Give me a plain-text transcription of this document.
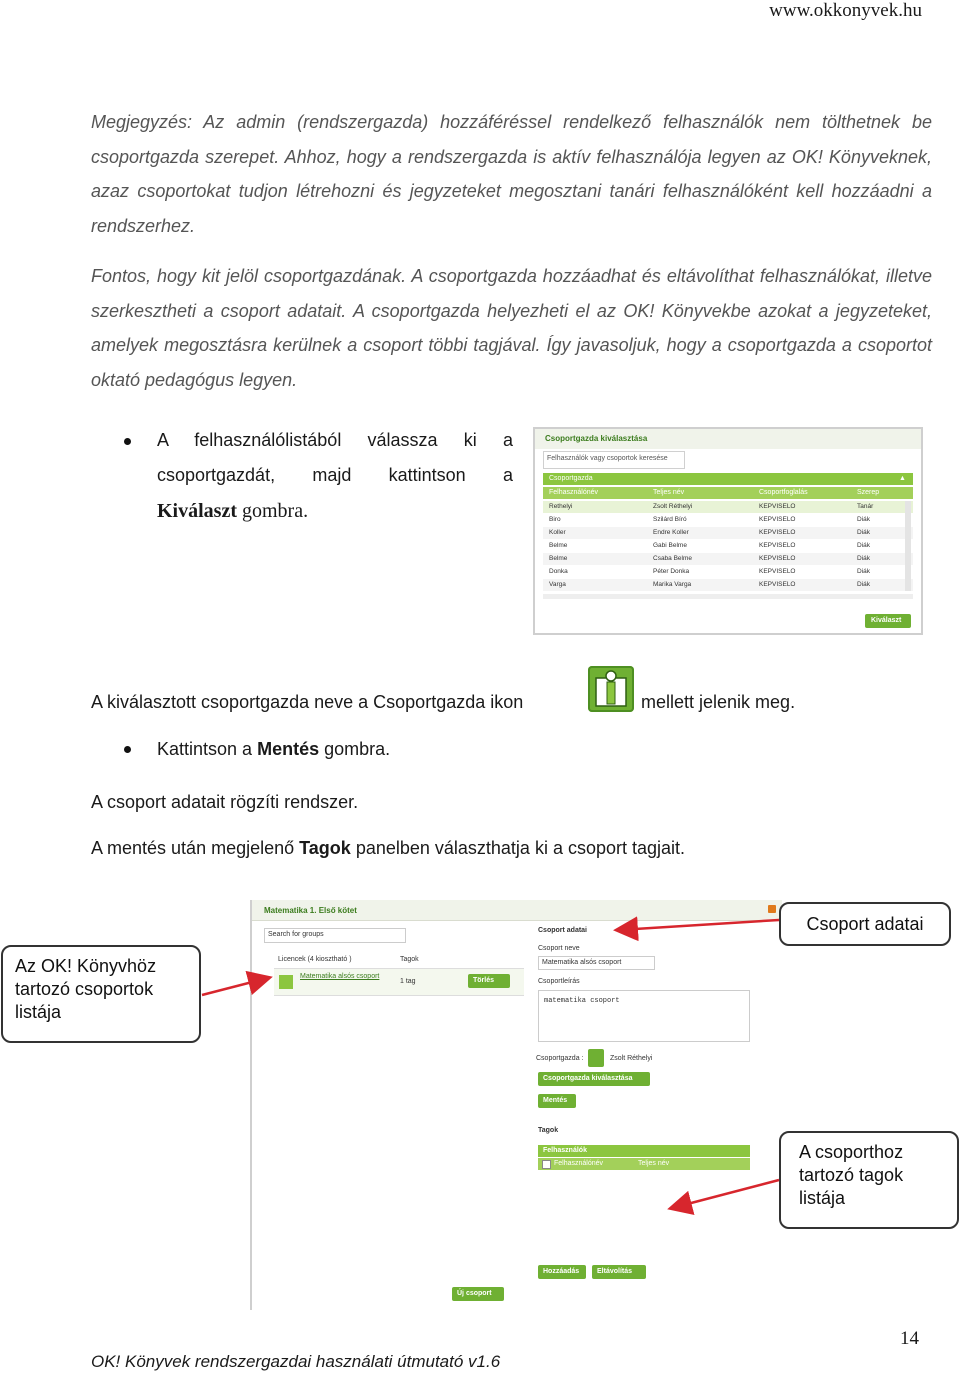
www.okkonyvek.hu

Megjegyzés: Az admin (rendszergazda) hozzáféréssel rendelkező felhasználók nem tölthetnek be csoportgazda szerepet. Ahhoz, hogy a rendszergazda is aktív felhasználója legyen az OK! Könyveknek, azaz csoportokat tudjon létrehozni és jegyzeteket megosztani tanári felhasználóként kell hozzáadni a rendszerhez.

Fontos, hogy kit jelöl csoportgazdának. A csoportgazda hozzáadhat és eltávolíthat felhasználókat, illetve szerkesztheti a csoport adatait. A csoportgazda helyezheti el az OK! Könyvekbe azokat a jegyzeteket, amelyek megosztásra kerülnek a csoport többi tagjával. Így javasoljuk, hogy a csoportgazda a csoportot oktató pedagógus legyen.

A felhasználólistából válassza ki a
csoportgazdát, majd kattintson a
Kiválaszt gombra.
Csoportgazda kiválasztása
Felhasználók vagy csoportok keresése
Csoportgazda	▲
Felhasználónév	Teljes név	Csoportfoglalás	Szerep
Rethelyi	Zsolt Réthelyi	KEPVISELO	Tanár
Biro	Szilárd Bíró	KEPVISELO	Diák
Koller	Endre Koller	KEPVISELO	Diák
Belme	Gabi Belme	KEPVISELO	Diák
Belme	Csaba Belme	KEPVISELO	Diák
Donka	Péter Donka	KEPVISELO	Diák
Varga	Marika Varga	KEPVISELO	Diák
Kiválaszt
A kiválasztott csoportgazda neve a Csoportgazda ikon	mellett jelenik meg.
Kattintson a Mentés gombra.
A csoport adatait rögzíti rendszer.
A mentés után megjelenő Tagok panelben választhatja ki a csoport tagjait.
Matematika 1. Első kötet
Search for groups
Licencek (4 kiosztható )	Tagok
Matematika alsós csoport
1 tag	Törlés
Csoport adatai
Csoport neve
Matematika alsós csoport
Csoportleírás
matematika csoport
Csoportgazda :	Zsolt Réthelyi
Csoportgazda kiválasztása
Mentés
Tagok
Felhasználók
Felhasználónév	Teljes név
Hozzáadás	Eltávolítás
Új csoport
Csoport adatai
Az OK! Könyvhöz tartozó csoportok listája
A csoporthoz tartozó tagok listája
14
OK! Könyvek rendszergazdai használati útmutató v1.6
